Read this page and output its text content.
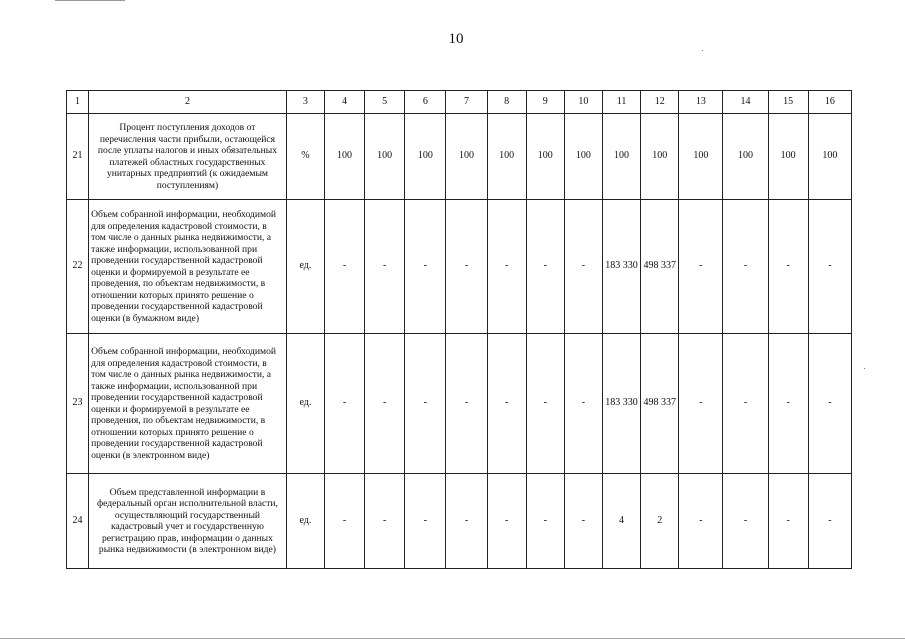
10
1	2	3	4	5	6	7	8	9	10	11	12	13	14	15	16
21	Процент поступления доходов от перечисления части прибыли, остающейся после уплаты налогов и иных обязательных платежей областных государственных унитарных предприятий (к ожидаемым поступлениям)	%	100	100	100	100	100	100	100	100	100	100	100	100	100
22	Объем собранной информации, необходимой для определения кадастровой стоимости, в том числе о данных рынка недвижимости, а также информации, использованной при проведении государственной кадастровой оценки и формируемой в результате ее проведения, по объектам недвижимости, в отношении которых принято решение о проведении государственной кадастровой оценки (в бумажном виде)	ед.	-	-	-	-	-	-	-	183 330	498 337	-	-	-	-
23	Объем собранной информации, необходимой для определения кадастровой стоимости, в том числе о данных рынка недвижимости, а также информации, использованной при проведении государственной кадастровой оценки и формируемой в результате ее проведения, по объектам недвижимости, в отношении которых принято решение о проведении государственной кадастровой оценки (в электронном виде)	ед.	-	-	-	-	-	-	-	183 330	498 337	-	-	-	-
24	Объем представленной информации в федеральный орган исполнительной власти, осуществляющий государственный кадастровый учет и государственную регистрацию прав, информации о данных рынка недвижимости (в электронном виде)	ед.	-	-	-	-	-	-	-	4	2	-	-	-	-
